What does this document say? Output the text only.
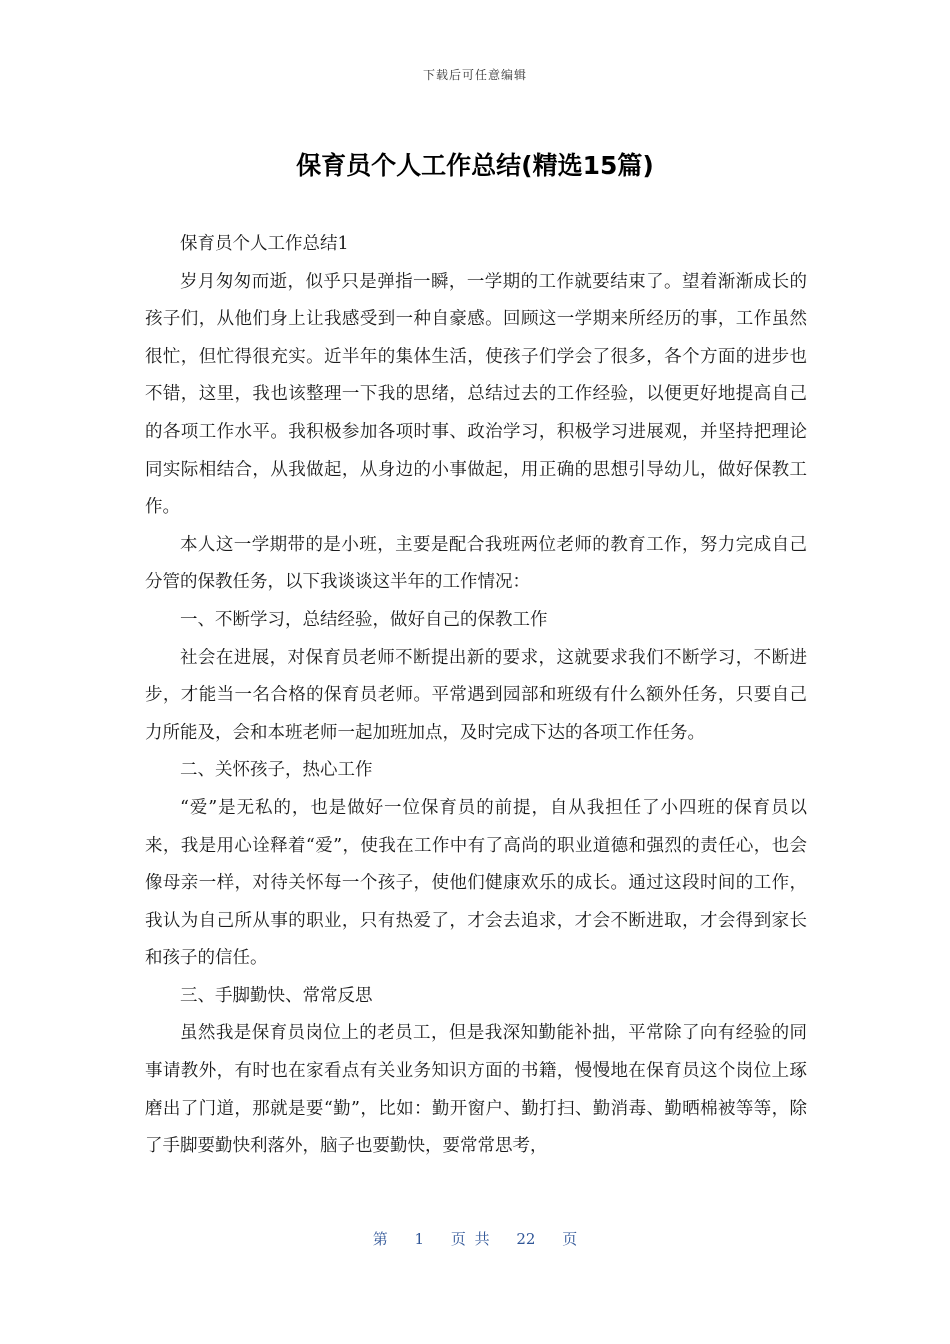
下载后可任意编辑
保育员个人工作总结(精选15篇)

保育员个人工作总结1

岁月匆匆而逝，似乎只是弹指一瞬，一学期的工作就要结束了。望着渐渐成长的孩子们，从他们身上让我感受到一种自豪感。回顾这一学期来所经历的事，工作虽然很忙，但忙得很充实。近半年的集体生活，使孩子们学会了很多，各个方面的进步也不错，这里，我也该整理一下我的思绪，总结过去的工作经验，以便更好地提高自己的各项工作水平。我积极参加各项时事、政治学习，积极学习进展观，并坚持把理论同实际相结合，从我做起，从身边的小事做起，用正确的思想引导幼儿，做好保教工作。

本人这一学期带的是小班，主要是配合我班两位老师的教育工作，努力完成自己分管的保教任务，以下我谈谈这半年的工作情况：

一、不断学习，总结经验，做好自己的保教工作

社会在进展，对保育员老师不断提出新的要求，这就要求我们不断学习，不断进步，才能当一名合格的保育员老师。平常遇到园部和班级有什么额外任务，只要自己力所能及，会和本班老师一起加班加点，及时完成下达的各项工作任务。

二、关怀孩子，热心工作

“爱”是无私的，也是做好一位保育员的前提，自从我担任了小四班的保育员以来，我是用心诠释着“爱”，使我在工作中有了高尚的职业道德和强烈的责任心，也会像母亲一样，对待关怀每一个孩子，使他们健康欢乐的成长。通过这段时间的工作，我认为自己所从事的职业，只有热爱了，才会去追求，才会不断进取，才会得到家长和孩子的信任。

三、手脚勤快、常常反思

虽然我是保育员岗位上的老员工，但是我深知勤能补拙，平常除了向有经验的同事请教外，有时也在家看点有关业务知识方面的书籍，慢慢地在保育员这个岗位上琢磨出了门道，那就是要“勤”，比如：勤开窗户、勤打扫、勤消毒、勤晒棉被等等，除了手脚要勤快利落外，脑子也要勤快，要常常思考，

第 1 页 共 22 页
